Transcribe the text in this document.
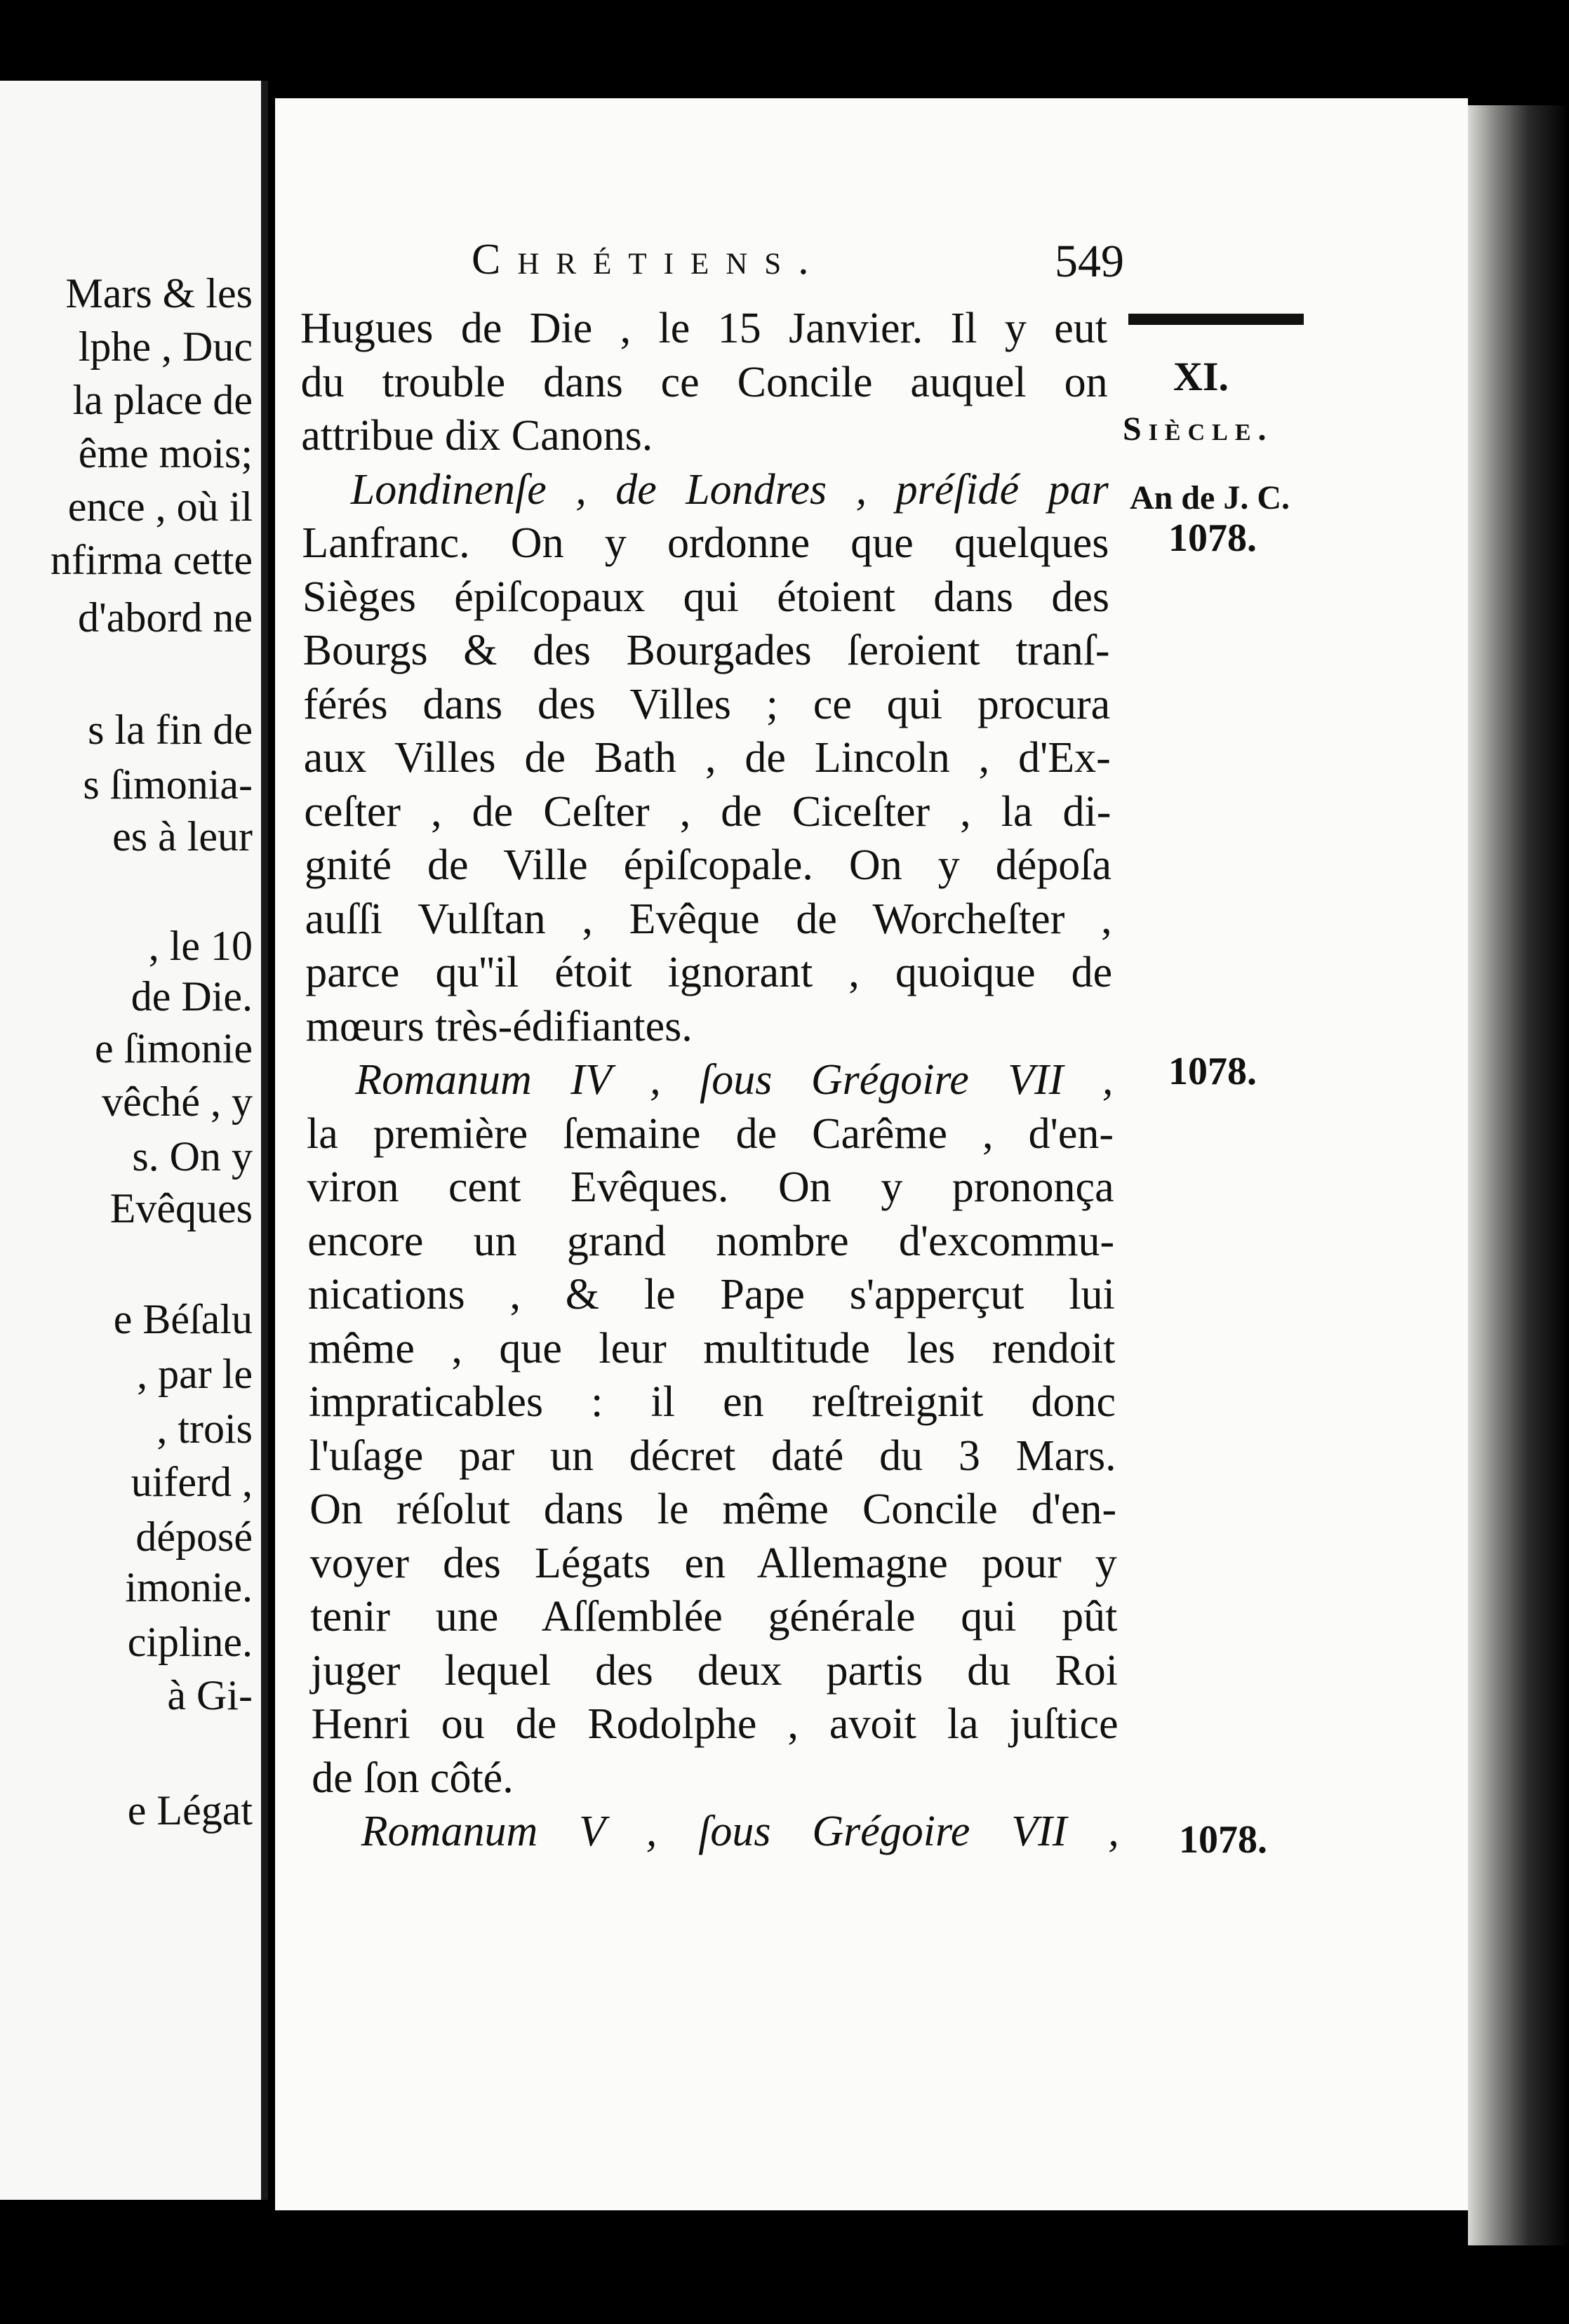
Mars & les
lphe , Duc
la place de
ême mois;
ence , où il
nfirma cette
d'abord ne
s la fin de
s ſimonia-
es à leur
, le 10
de Die.
e ſimonie
vêché , y
s. On y
Evêques
e Béſalu
, par le
, trois
uiferd ,
déposé
imonie.
cipline.
à Gi-
e Légat
Chrétiens.	549
Hugues de Die , le 15 Janvier. Il y eut
du trouble dans ce Concile auquel on
attribue dix Canons.
Londinenſe , de Londres , préſidé par
Lanfranc. On y ordonne que quelques
Sièges épiſcopaux qui étoient dans des
Bourgs & des Bourgades ſeroient tranſ-
férés dans des Villes ; ce qui procura
aux Villes de Bath , de Lincoln , d'Ex-
ceſter , de Ceſter , de Ciceſter , la di-
gnité de Ville épiſcopale. On y dépoſa
auſſi Vulſtan , Evêque de Worcheſter ,
parce qu''il étoit ignorant , quoique de
mœurs très-édifiantes.
Romanum IV , ſous Grégoire VII ,
la première ſemaine de Carême , d'en-
viron cent Evêques. On y prononça
encore un grand nombre d'excommu-
nications , & le Pape s'apperçut lui
même , que leur multitude les rendoit
impraticables : il en reſtreignit donc
l'uſage par un décret daté du 3 Mars.
On réſolut dans le même Concile d'en-
voyer des Légats en Allemagne pour y
tenir une Aſſemblée générale qui pût
juger lequel des deux partis du Roi
Henri ou de Rodolphe , avoit la juſtice
de ſon côté.
Romanum V , ſous Grégoire VII ,
XI.
Siècle.
An de J. C.
1078.
1078.
1078.
